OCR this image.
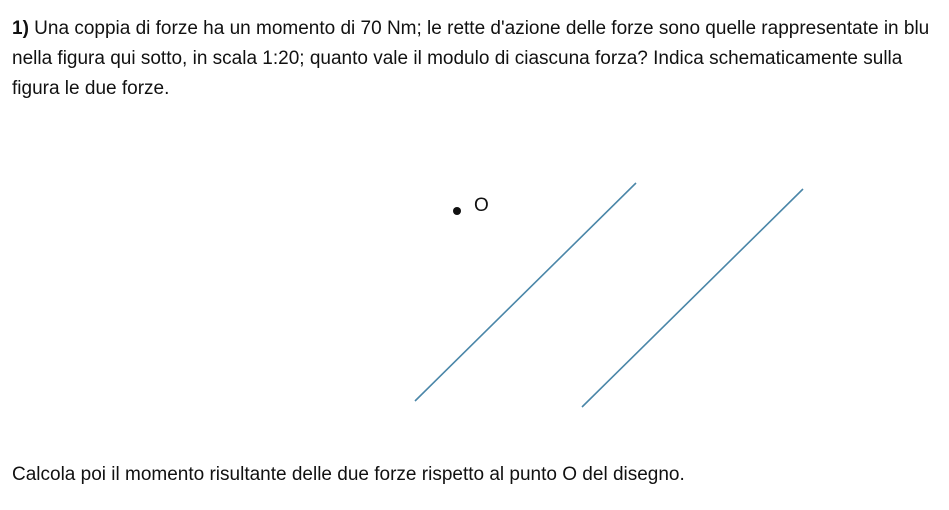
1) Una coppia di forze ha un momento di 70 Nm; le rette d'azione delle forze sono quelle rappresentate in blu nella figura qui sotto, in scala 1:20; quanto vale il modulo di ciascuna forza? Indica schematicamente sulla figura le due forze.

O

Calcola poi il momento risultante delle due forze rispetto al punto O del disegno.
